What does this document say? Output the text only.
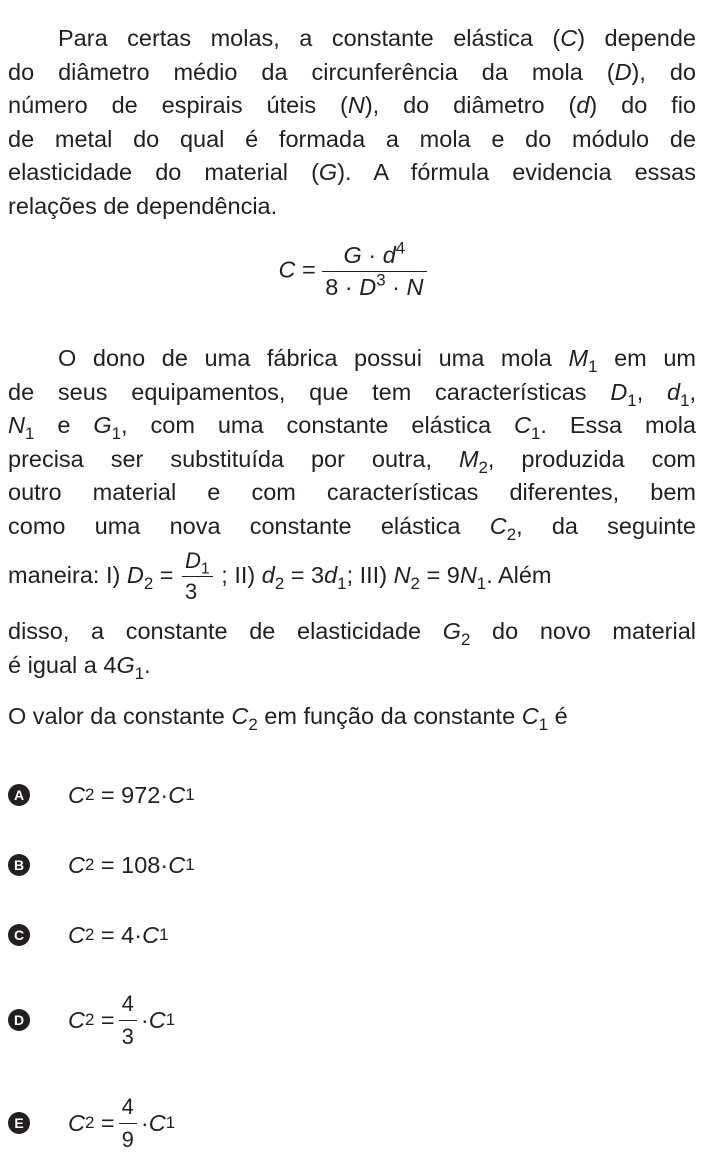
Para certas molas, a constante elástica (C) depende
do diâmetro médio da circunferência da mola (D), do
número de espirais úteis (N), do diâmetro (d) do fio
de metal do qual é formada a mola e do módulo de
elasticidade do material (G). A fórmula evidencia essas
relações de dependência.
$C = \frac{G \cdot d^4}{8 \cdot D^3 \cdot N}$
O dono de uma fábrica possui uma mola $M_1$ em um
de seus equipamentos, que tem características $D_1$, $d_1$,
$N_1$ e $G_1$, com uma constante elástica $C_1$. Essa mola
precisa ser substituída por outra, $M_2$, produzida com
outro material e com características diferentes, bem
como uma nova constante elástica $C_2$, da seguinte
maneira: I) $D_2 = \frac{D_1}{3}$ ; II) $d_2 = 3d_1$; III) $N_2 = 9N_1$. Além
disso, a constante de elasticidade $G_2$ do novo material
é igual a $4G_1$.
O valor da constante $C_2$ em função da constante $C_1$ é
A C 2 = 972· C 1
B C 2 = 108· C 1
C C 2 = 4· C 1
D C $2 = \frac{4}{3} \cdot C$ 1
E C $2 = \frac{4}{9} \cdot C$ 1
